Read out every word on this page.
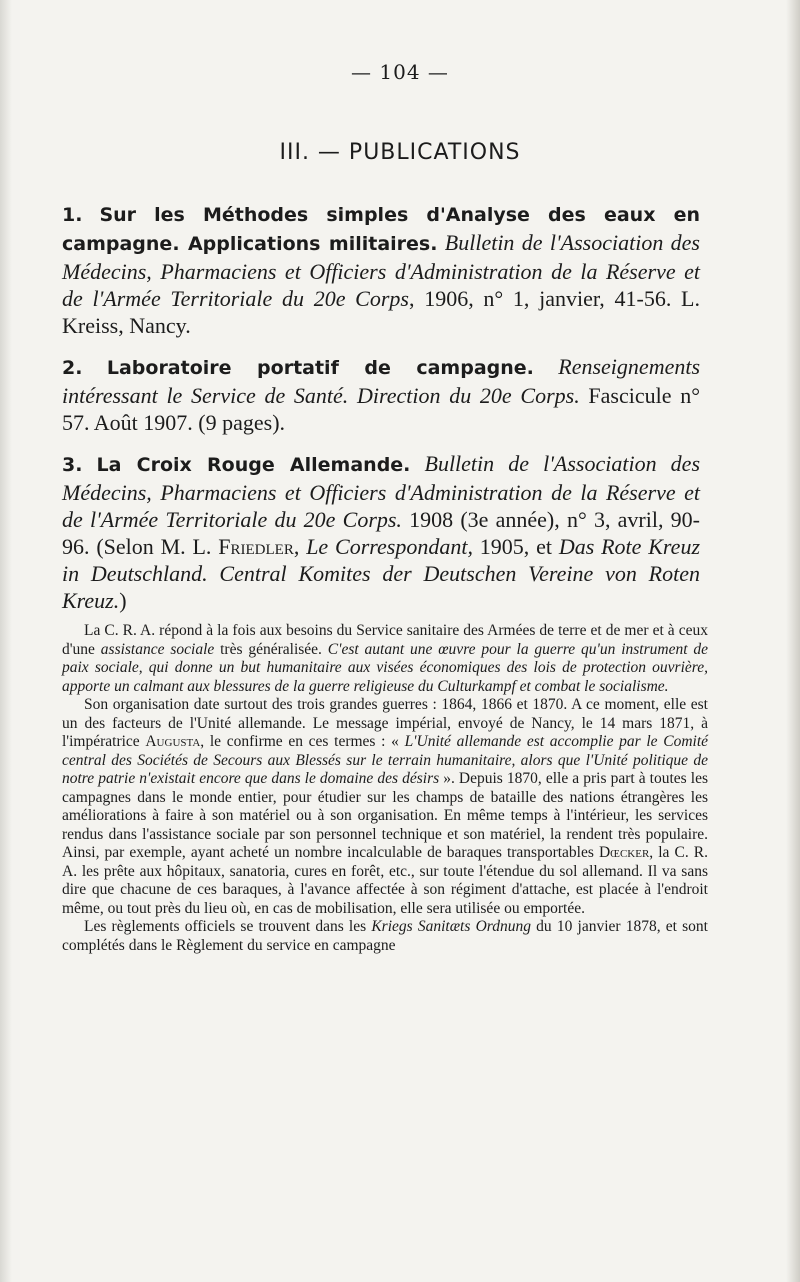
— 104 —
III. — PUBLICATIONS

1. Sur les Méthodes simples d'Analyse des eaux en campagne. Applications militaires. Bulletin de l'Association des Médecins, Pharmaciens et Officiers d'Administration de la Réserve et de l'Armée Territoriale du 20e Corps, 1906, n° 1, janvier, 41-56. L. Kreiss, Nancy.

2. Laboratoire portatif de campagne. Renseignements intéressant le Service de Santé. Direction du 20e Corps. Fascicule n° 57. Août 1907. (9 pages).

3. La Croix Rouge Allemande. Bulletin de l'Association des Médecins, Pharmaciens et Officiers d'Administration de la Réserve et de l'Armée Territoriale du 20e Corps. 1908 (3e année), n° 3, avril, 90-96. (Selon M. L. Friedler, Le Correspondant, 1905, et Das Rote Kreuz in Deutschland. Central Komites der Deutschen Vereine von Roten Kreuz.)

La C. R. A. répond à la fois aux besoins du Service sanitaire des Armées de terre et de mer et à ceux d'une assistance sociale très généralisée. C'est autant une œuvre pour la guerre qu'un instrument de paix sociale, qui donne un but humanitaire aux visées économiques des lois de protection ouvrière, apporte un calmant aux blessures de la guerre religieuse du Culturkampf et combat le socialisme.

Son organisation date surtout des trois grandes guerres : 1864, 1866 et 1870. A ce moment, elle est un des facteurs de l'Unité allemande. Le message impérial, envoyé de Nancy, le 14 mars 1871, à l'impératrice Augusta, le confirme en ces termes : « L'Unité allemande est accomplie par le Comité central des Sociétés de Secours aux Blessés sur le terrain humanitaire, alors que l'Unité politique de notre patrie n'existait encore que dans le domaine des désirs ». Depuis 1870, elle a pris part à toutes les campagnes dans le monde entier, pour étudier sur les champs de bataille des nations étrangères les améliorations à faire à son matériel ou à son organisation. En même temps à l'intérieur, les services rendus dans l'assistance sociale par son personnel technique et son matériel, la rendent très populaire. Ainsi, par exemple, ayant acheté un nombre incalculable de baraques transportables Dœcker, la C. R. A. les prête aux hôpitaux, sanatoria, cures en forêt, etc., sur toute l'étendue du sol allemand. Il va sans dire que chacune de ces baraques, à l'avance affectée à son régiment d'attache, est placée à l'endroit même, ou tout près du lieu où, en cas de mobilisation, elle sera utilisée ou emportée.

Les règlements officiels se trouvent dans les Kriegs Sanitæts Ordnung du 10 janvier 1878, et sont complétés dans le Règlement du service en campagne
